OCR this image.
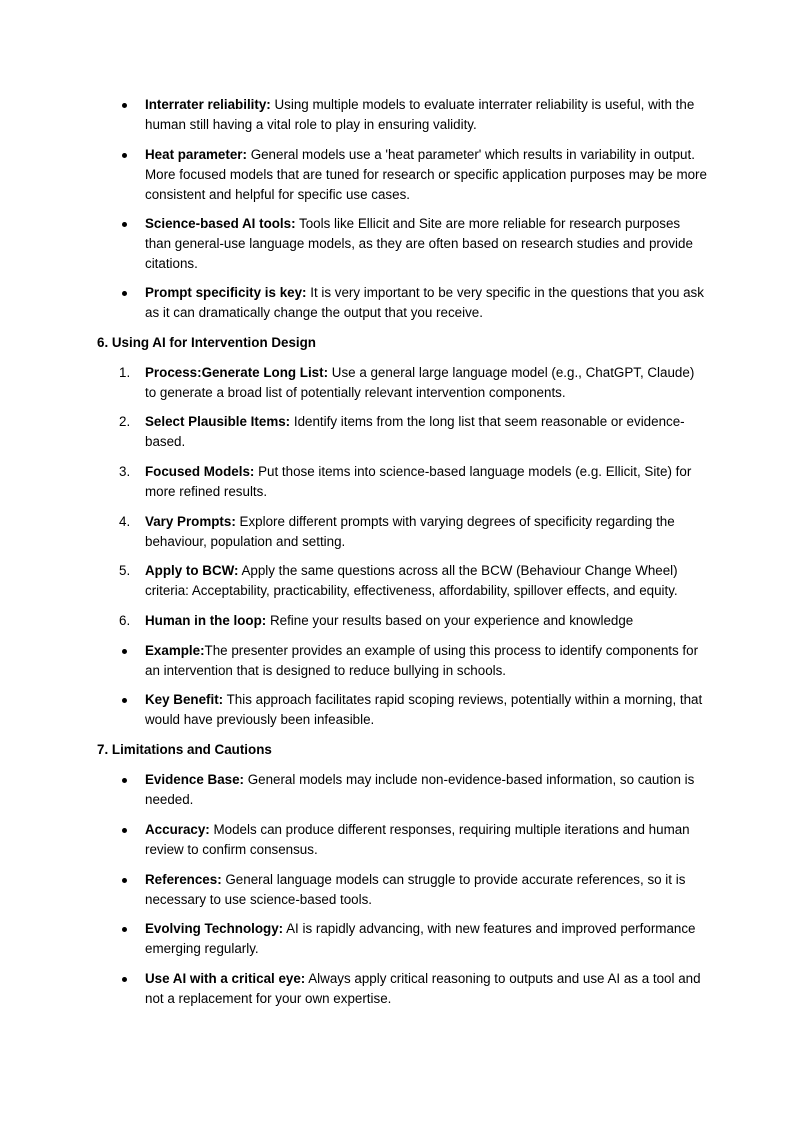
Interrater reliability: Using multiple models to evaluate interrater reliability is useful, with the human still having a vital role to play in ensuring validity.
Heat parameter: General models use a 'heat parameter' which results in variability in output. More focused models that are tuned for research or specific application purposes may be more consistent and helpful for specific use cases.
Science-based AI tools: Tools like Ellicit and Site are more reliable for research purposes than general-use language models, as they are often based on research studies and provide citations.
Prompt specificity is key: It is very important to be very specific in the questions that you ask as it can dramatically change the output that you receive.
6. Using AI for Intervention Design
1.	Process:Generate Long List: Use a general large language model (e.g., ChatGPT, Claude) to generate a broad list of potentially relevant intervention components.
2.	Select Plausible Items: Identify items from the long list that seem reasonable or evidence-based.
3.	Focused Models: Put those items into science-based language models (e.g. Ellicit, Site) for more refined results.
4.	Vary Prompts: Explore different prompts with varying degrees of specificity regarding the behaviour, population and setting.
5.	Apply to BCW: Apply the same questions across all the BCW (Behaviour Change Wheel) criteria: Acceptability, practicability, effectiveness, affordability, spillover effects, and equity.
6.	Human in the loop: Refine your results based on your experience and knowledge
Example:The presenter provides an example of using this process to identify components for an intervention that is designed to reduce bullying in schools.
Key Benefit: This approach facilitates rapid scoping reviews, potentially within a morning, that would have previously been infeasible.
7. Limitations and Cautions
Evidence Base: General models may include non-evidence-based information, so caution is needed.
Accuracy: Models can produce different responses, requiring multiple iterations and human review to confirm consensus.
References: General language models can struggle to provide accurate references, so it is necessary to use science-based tools.
Evolving Technology: AI is rapidly advancing, with new features and improved performance emerging regularly.
Use AI with a critical eye: Always apply critical reasoning to outputs and use AI as a tool and not a replacement for your own expertise.
